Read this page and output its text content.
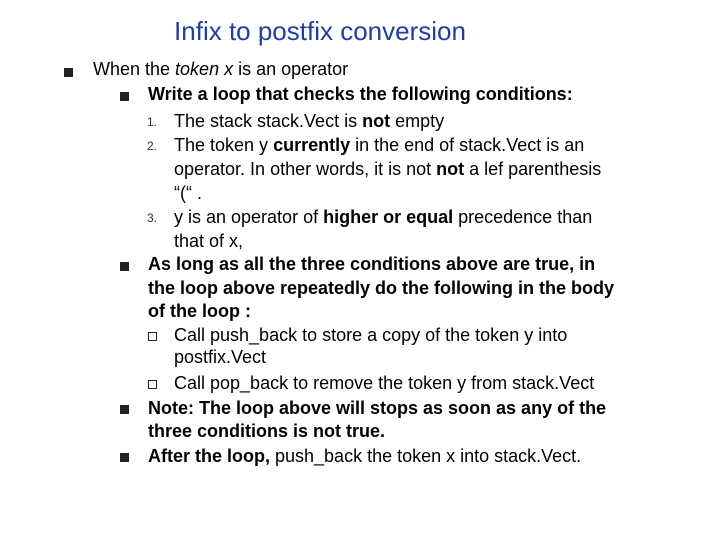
Infix to postfix conversion
When the token x is an operator
Write a loop that checks the following conditions:
1. The stack stack.Vect is not empty
2. The token y currently in the end of stack.Vect is an
operator. In other words, it is not not a lef parenthesis
“(“ .
3. y is an operator of higher or equal precedence than
that of x,
As long as all the three conditions above are true, in
the loop above repeatedly do the following in the body
of the loop :
Call push_back to store a copy of the token y into
postfix.Vect
Call pop_back to remove the token y from stack.Vect
Note: The loop above will stops as soon as any of the
three conditions is not true.
After the loop, push_back the token x into stack.Vect.
